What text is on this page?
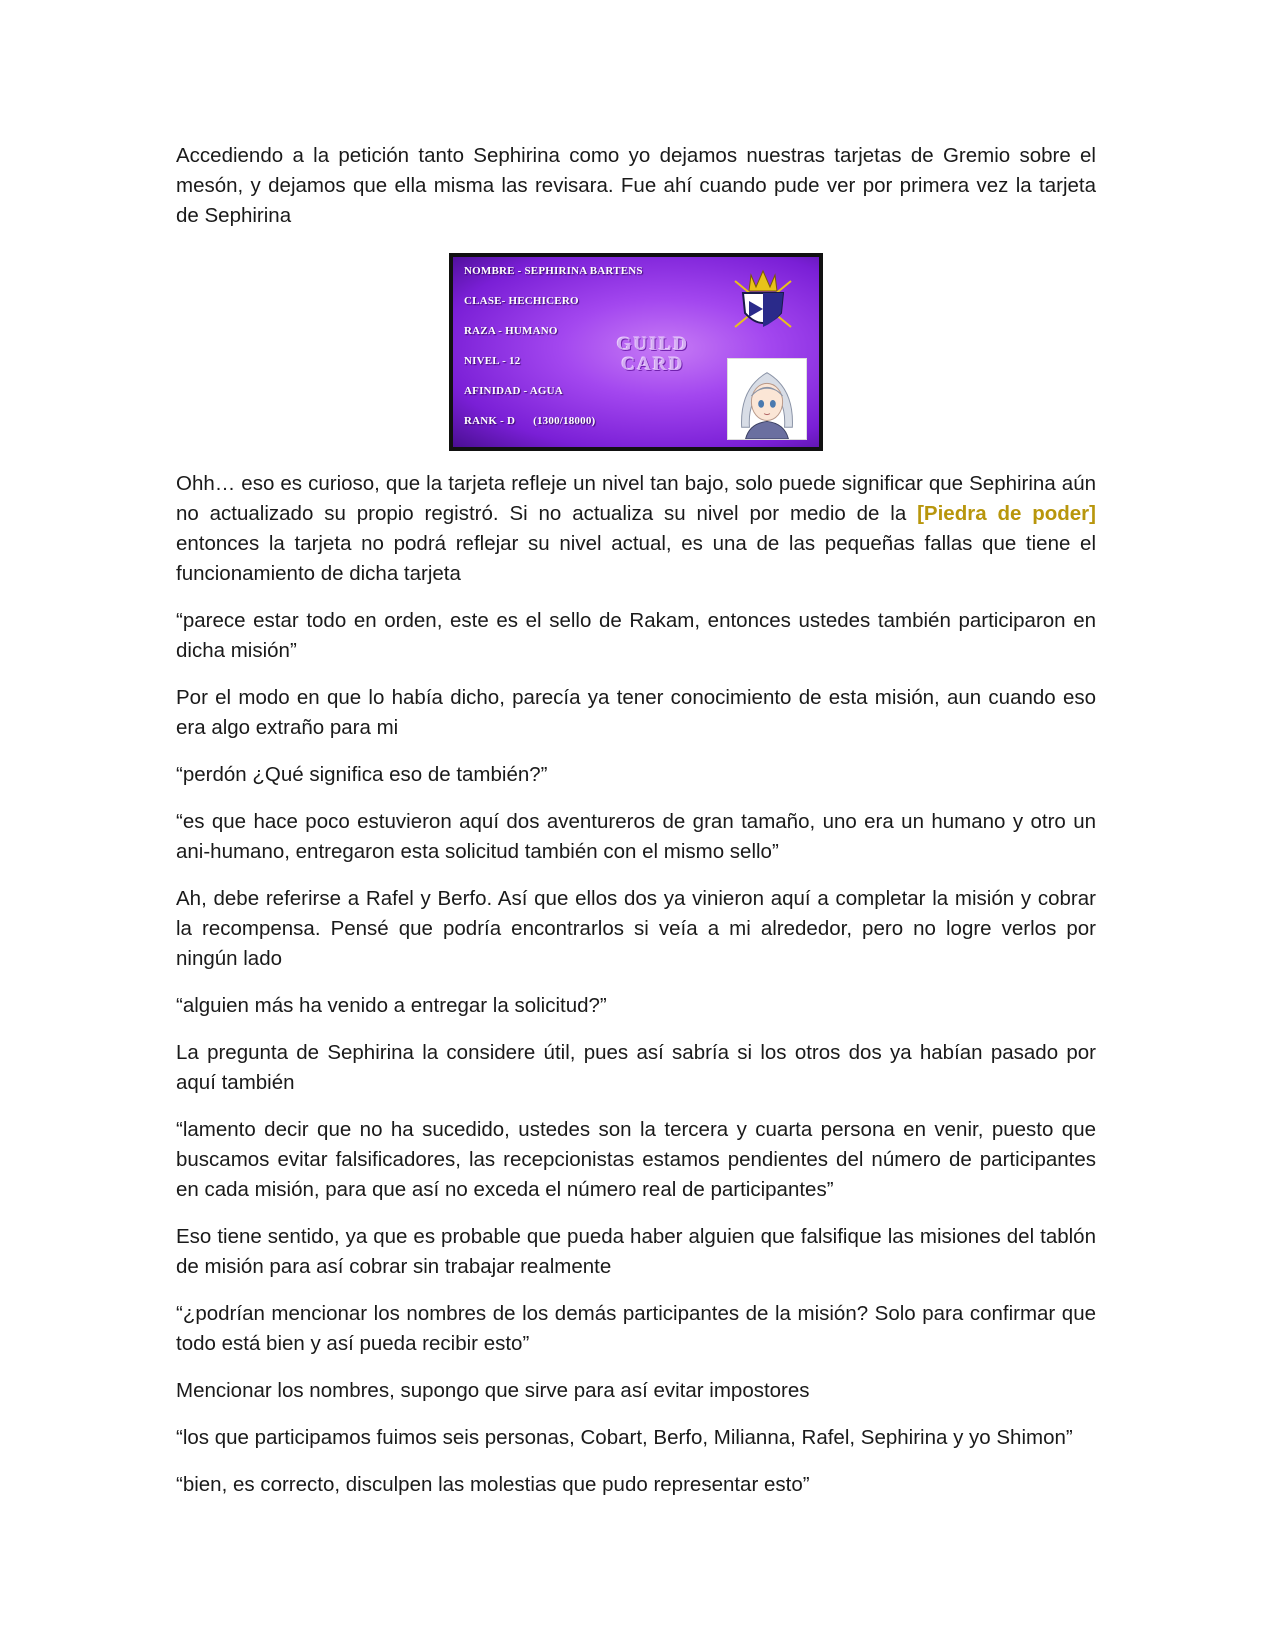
Accediendo a la petición tanto Sephirina como yo dejamos nuestras tarjetas de Gremio sobre el mesón, y dejamos que ella misma las revisara. Fue ahí cuando pude ver por primera vez la tarjeta de Sephirina

NOMBRE - SEPHIRINA BARTENS
CLASE- HECHICERO
RAZA - HUMANO
NIVEL - 12
AFINIDAD - AGUA
RANK - D (1300/18000)
GUILD
CARD

Ohh… eso es curioso, que la tarjeta refleje un nivel tan bajo, solo puede significar que Sephirina aún no actualizado su propio registró. Si no actualiza su nivel por medio de la [Piedra de poder] entonces la tarjeta no podrá reflejar su nivel actual, es una de las pequeñas fallas que tiene el funcionamiento de dicha tarjeta

“parece estar todo en orden, este es el sello de Rakam, entonces ustedes también participaron en dicha misión”

Por el modo en que lo había dicho, parecía ya tener conocimiento de esta misión, aun cuando eso era algo extraño para mi

“perdón ¿Qué significa eso de también?”

“es que hace poco estuvieron aquí dos aventureros de gran tamaño, uno era un humano y otro un ani-humano, entregaron esta solicitud también con el mismo sello”

Ah, debe referirse a Rafel y Berfo. Así que ellos dos ya vinieron aquí a completar la misión y cobrar la recompensa. Pensé que podría encontrarlos si veía a mi alrededor, pero no logre verlos por ningún lado

“alguien más ha venido a entregar la solicitud?”

La pregunta de Sephirina la considere útil, pues así sabría si los otros dos ya habían pasado por aquí también

“lamento decir que no ha sucedido, ustedes son la tercera y cuarta persona en venir, puesto que buscamos evitar falsificadores, las recepcionistas estamos pendientes del número de participantes en cada misión, para que así no exceda el número real de participantes”

Eso tiene sentido, ya que es probable que pueda haber alguien que falsifique las misiones del tablón de misión para así cobrar sin trabajar realmente

“¿podrían mencionar los nombres de los demás participantes de la misión? Solo para confirmar que todo está bien y así pueda recibir esto”

Mencionar los nombres, supongo que sirve para así evitar impostores

“los que participamos fuimos seis personas, Cobart, Berfo, Milianna, Rafel, Sephirina y yo Shimon”

“bien, es correcto, disculpen las molestias que pudo representar esto”
